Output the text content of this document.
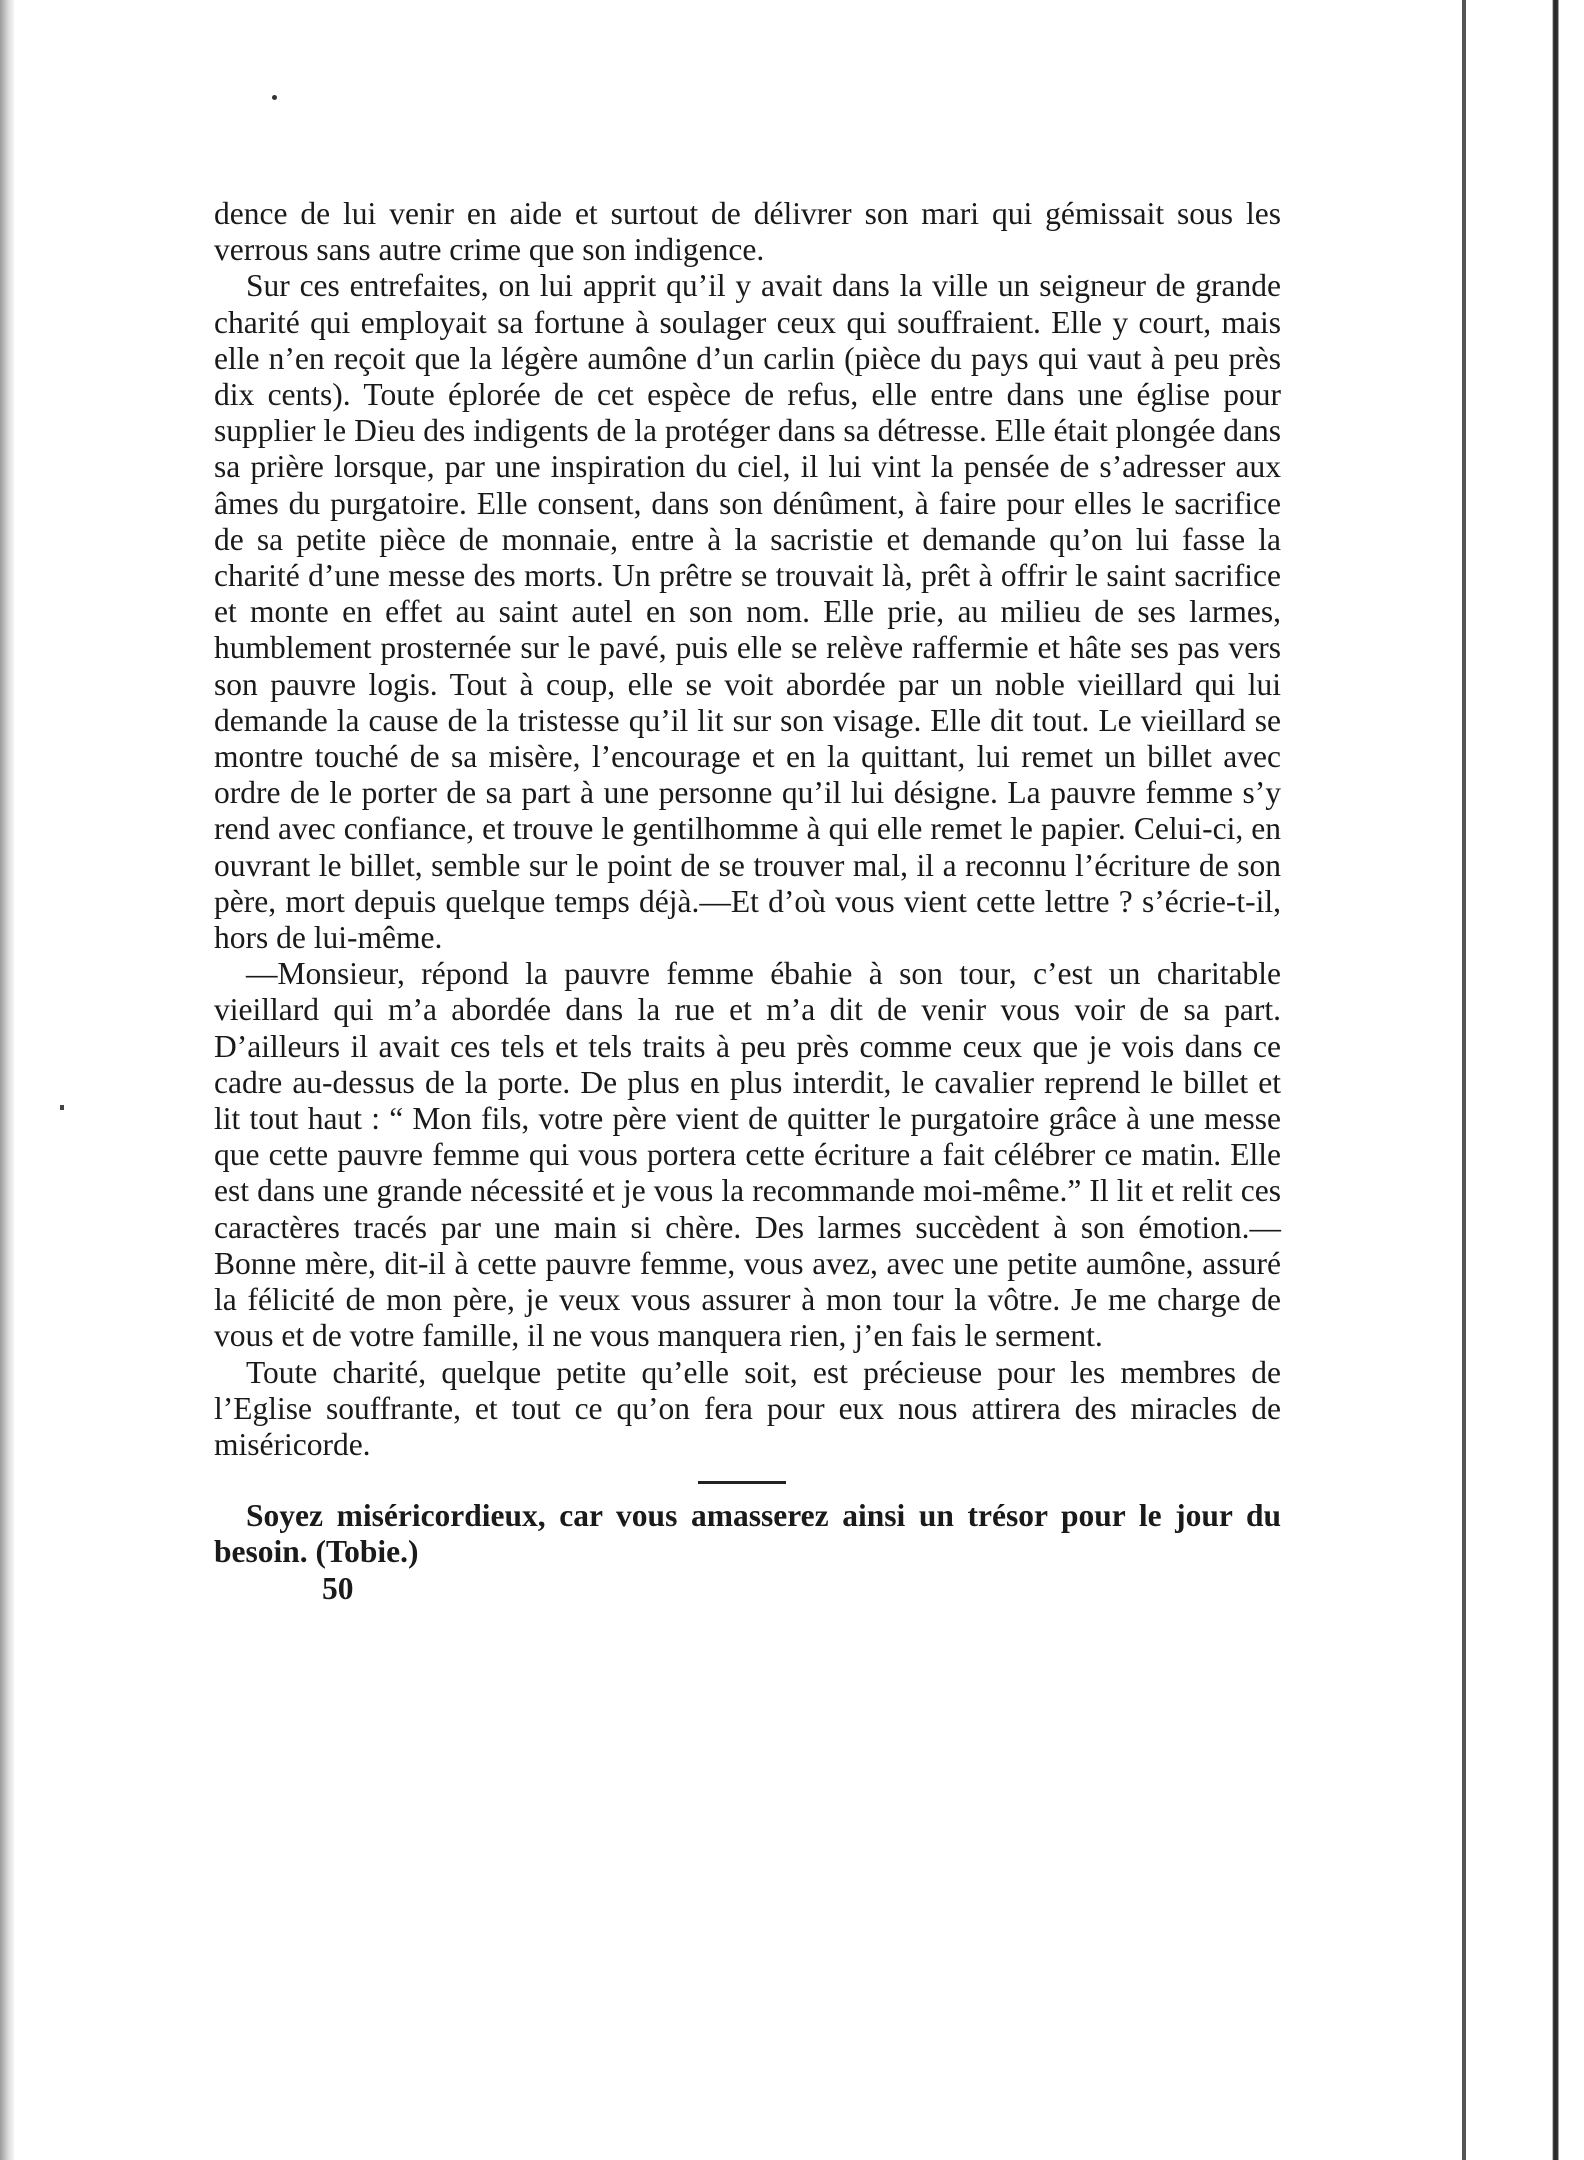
dence de lui venir en aide et surtout de délivrer son mari qui gémissait sous les verrous sans autre crime que son indigence.

Sur ces entrefaites, on lui apprit qu’il y avait dans la ville un seigneur de grande charité qui employait sa fortune à soulager ceux qui souffraient. Elle y court, mais elle n’en reçoit que la légère aumône d’un carlin (pièce du pays qui vaut à peu près dix cents). Toute éplorée de cet espèce de refus, elle entre dans une église pour supplier le Dieu des indigents de la protéger dans sa détresse. Elle était plongée dans sa prière lorsque, par une inspiration du ciel, il lui vint la pensée de s’adresser aux âmes du purgatoire. Elle consent, dans son dénûment, à faire pour elles le sacrifice de sa petite pièce de monnaie, entre à la sacristie et demande qu’on lui fasse la charité d’une messe des morts. Un prêtre se trouvait là, prêt à offrir le saint sacrifice et monte en effet au saint autel en son nom. Elle prie, au milieu de ses larmes, humblement prosternée sur le pavé, puis elle se relève raffermie et hâte ses pas vers son pauvre logis. Tout à coup, elle se voit abordée par un noble vieillard qui lui demande la cause de la tristesse qu’il lit sur son visage. Elle dit tout. Le vieillard se montre touché de sa misère, l’encourage et en la quittant, lui remet un billet avec ordre de le porter de sa part à une personne qu’il lui désigne. La pauvre femme s’y rend avec confiance, et trouve le gentilhomme à qui elle remet le papier. Celui-ci, en ouvrant le billet, semble sur le point de se trouver mal, il a reconnu l’écriture de son père, mort depuis quelque temps déjà.—Et d’où vous vient cette lettre ? s’écrie-t-il, hors de lui-même.

—Monsieur, répond la pauvre femme ébahie à son tour, c’est un charitable vieillard qui m’a abordée dans la rue et m’a dit de venir vous voir de sa part. D’ailleurs il avait ces tels et tels traits à peu près comme ceux que je vois dans ce cadre au-dessus de la porte. De plus en plus interdit, le cavalier reprend le billet et lit tout haut : “ Mon fils, votre père vient de quitter le purgatoire grâce à une messe que cette pauvre femme qui vous portera cette écriture a fait célébrer ce matin. Elle est dans une grande nécessité et je vous la recommande moi-même.” Il lit et relit ces caractères tracés par une main si chère. Des larmes succèdent à son émotion.—Bonne mère, dit-il à cette pauvre femme, vous avez, avec une petite aumône, assuré la félicité de mon père, je veux vous assurer à mon tour la vôtre. Je me charge de vous et de votre famille, il ne vous manquera rien, j’en fais le serment.

Toute charité, quelque petite qu’elle soit, est précieuse pour les membres de l’Eglise souffrante, et tout ce qu’on fera pour eux nous attirera des miracles de miséricorde.

Soyez miséricordieux, car vous amasserez ainsi un trésor pour le jour du besoin. (Tobie.)

50
